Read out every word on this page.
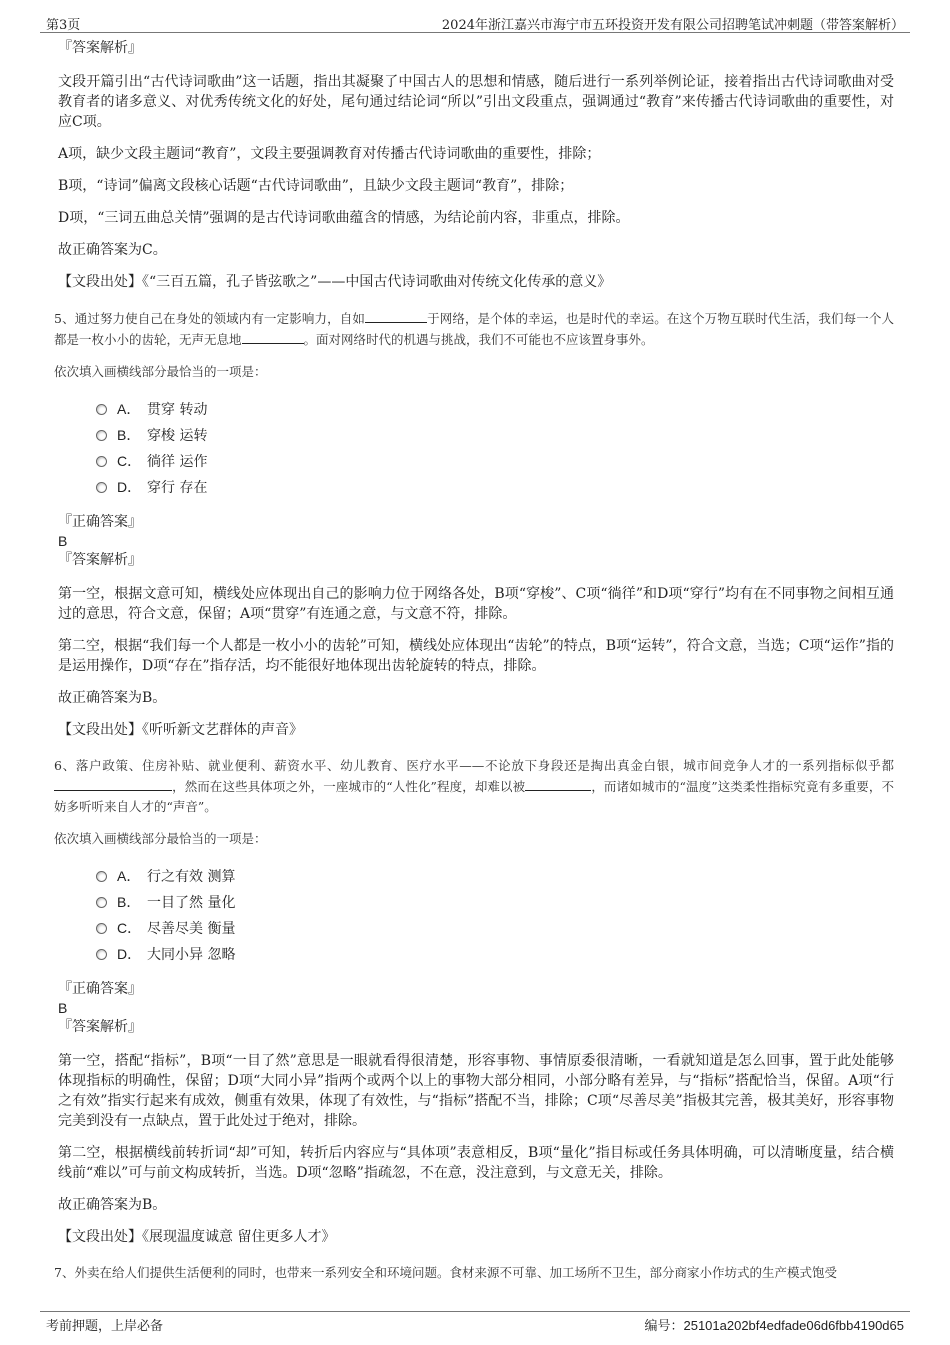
第3页	2024年浙江嘉兴市海宁市五环投资开发有限公司招聘笔试冲刺题（带答案解析）

『答案解析』

文段开篇引出“古代诗词歌曲”这一话题，指出其凝聚了中国古人的思想和情感，随后进行一系列举例论证，接着指出古代诗词歌曲对受教育者的诸多意义、对优秀传统文化的好处，尾句通过结论词“所以”引出文段重点，强调通过“教育”来传播古代诗词歌曲的重要性，对应C项。

A项，缺少文段主题词“教育”，文段主要强调教育对传播古代诗词歌曲的重要性，排除；

B项，“诗词”偏离文段核心话题“古代诗词歌曲”，且缺少文段主题词“教育”，排除；

D项，“三词五曲总关情”强调的是古代诗词歌曲蕴含的情感，为结论前内容，非重点，排除。

故正确答案为C。

【文段出处】《“三百五篇，孔子皆弦歌之”——中国古代诗词歌曲对传统文化传承的意义》

5、通过努力使自己在身处的领域内有一定影响力，自如	于网络，是个体的幸运，也是时代的幸运。在这个万物互联时代生活，我们每一个人都是一枚小小的齿轮，无声无息地	。面对网络时代的机遇与挑战，我们不可能也不应该置身事外。

依次填入画横线部分最恰当的一项是：

A． 贯穿 转动
B． 穿梭 运转
C． 徜徉 运作
D． 穿行 存在

『正确答案』

B

『答案解析』

第一空，根据文意可知，横线处应体现出自己的影响力位于网络各处，B项“穿梭”、C项“徜徉”和D项“穿行”均有在不同事物之间相互通过的意思，符合文意，保留；A项“贯穿”有连通之意，与文意不符，排除。

第二空，根据“我们每一个人都是一枚小小的齿轮”可知，横线处应体现出“齿轮”的特点，B项“运转”，符合文意，当选；C项“运作”指的是运用操作，D项“存在”指存活，均不能很好地体现出齿轮旋转的特点，排除。

故正确答案为B。

【文段出处】《听听新文艺群体的声音》

6、落户政策、住房补贴、就业便利、薪资水平、幼儿教育、医疗水平——不论放下身段还是掏出真金白银，城市间竞争人才的一系列指标似乎都，然而在这些具体项之外，一座城市的“人性化”程度，却难以被	，而诸如城市的“温度”这类柔性指标究竟有多重要，不妨多听听来自人才的“声音”。

依次填入画横线部分最恰当的一项是：

A． 行之有效 测算
B． 一目了然 量化
C． 尽善尽美 衡量
D． 大同小异 忽略

『正确答案』

B

『答案解析』

第一空，搭配“指标”，B项“一目了然”意思是一眼就看得很清楚，形容事物、事情原委很清晰，一看就知道是怎么回事，置于此处能够体现指标的明确性，保留；D项“大同小异”指两个或两个以上的事物大部分相同，小部分略有差异，与“指标”搭配恰当，保留。A项“行之有效”指实行起来有成效，侧重有效果，体现了有效性，与“指标”搭配不当，排除；C项“尽善尽美”指极其完善，极其美好，形容事物完美到没有一点缺点，置于此处过于绝对，排除。

第二空，根据横线前转折词“却”可知，转折后内容应与“具体项”表意相反，B项“量化”指目标或任务具体明确，可以清晰度量，结合横线前“难以”可与前文构成转折，当选。D项“忽略”指疏忽，不在意，没注意到，与文意无关，排除。

故正确答案为B。

【文段出处】《展现温度诚意 留住更多人才》

7、外卖在给人们提供生活便利的同时，也带来一系列安全和环境问题。食材来源不可靠、加工场所不卫生，部分商家小作坊式的生产模式饱受

考前押题，上岸必备	编号：25101a202bf4edfade06d6fbb4190d65
